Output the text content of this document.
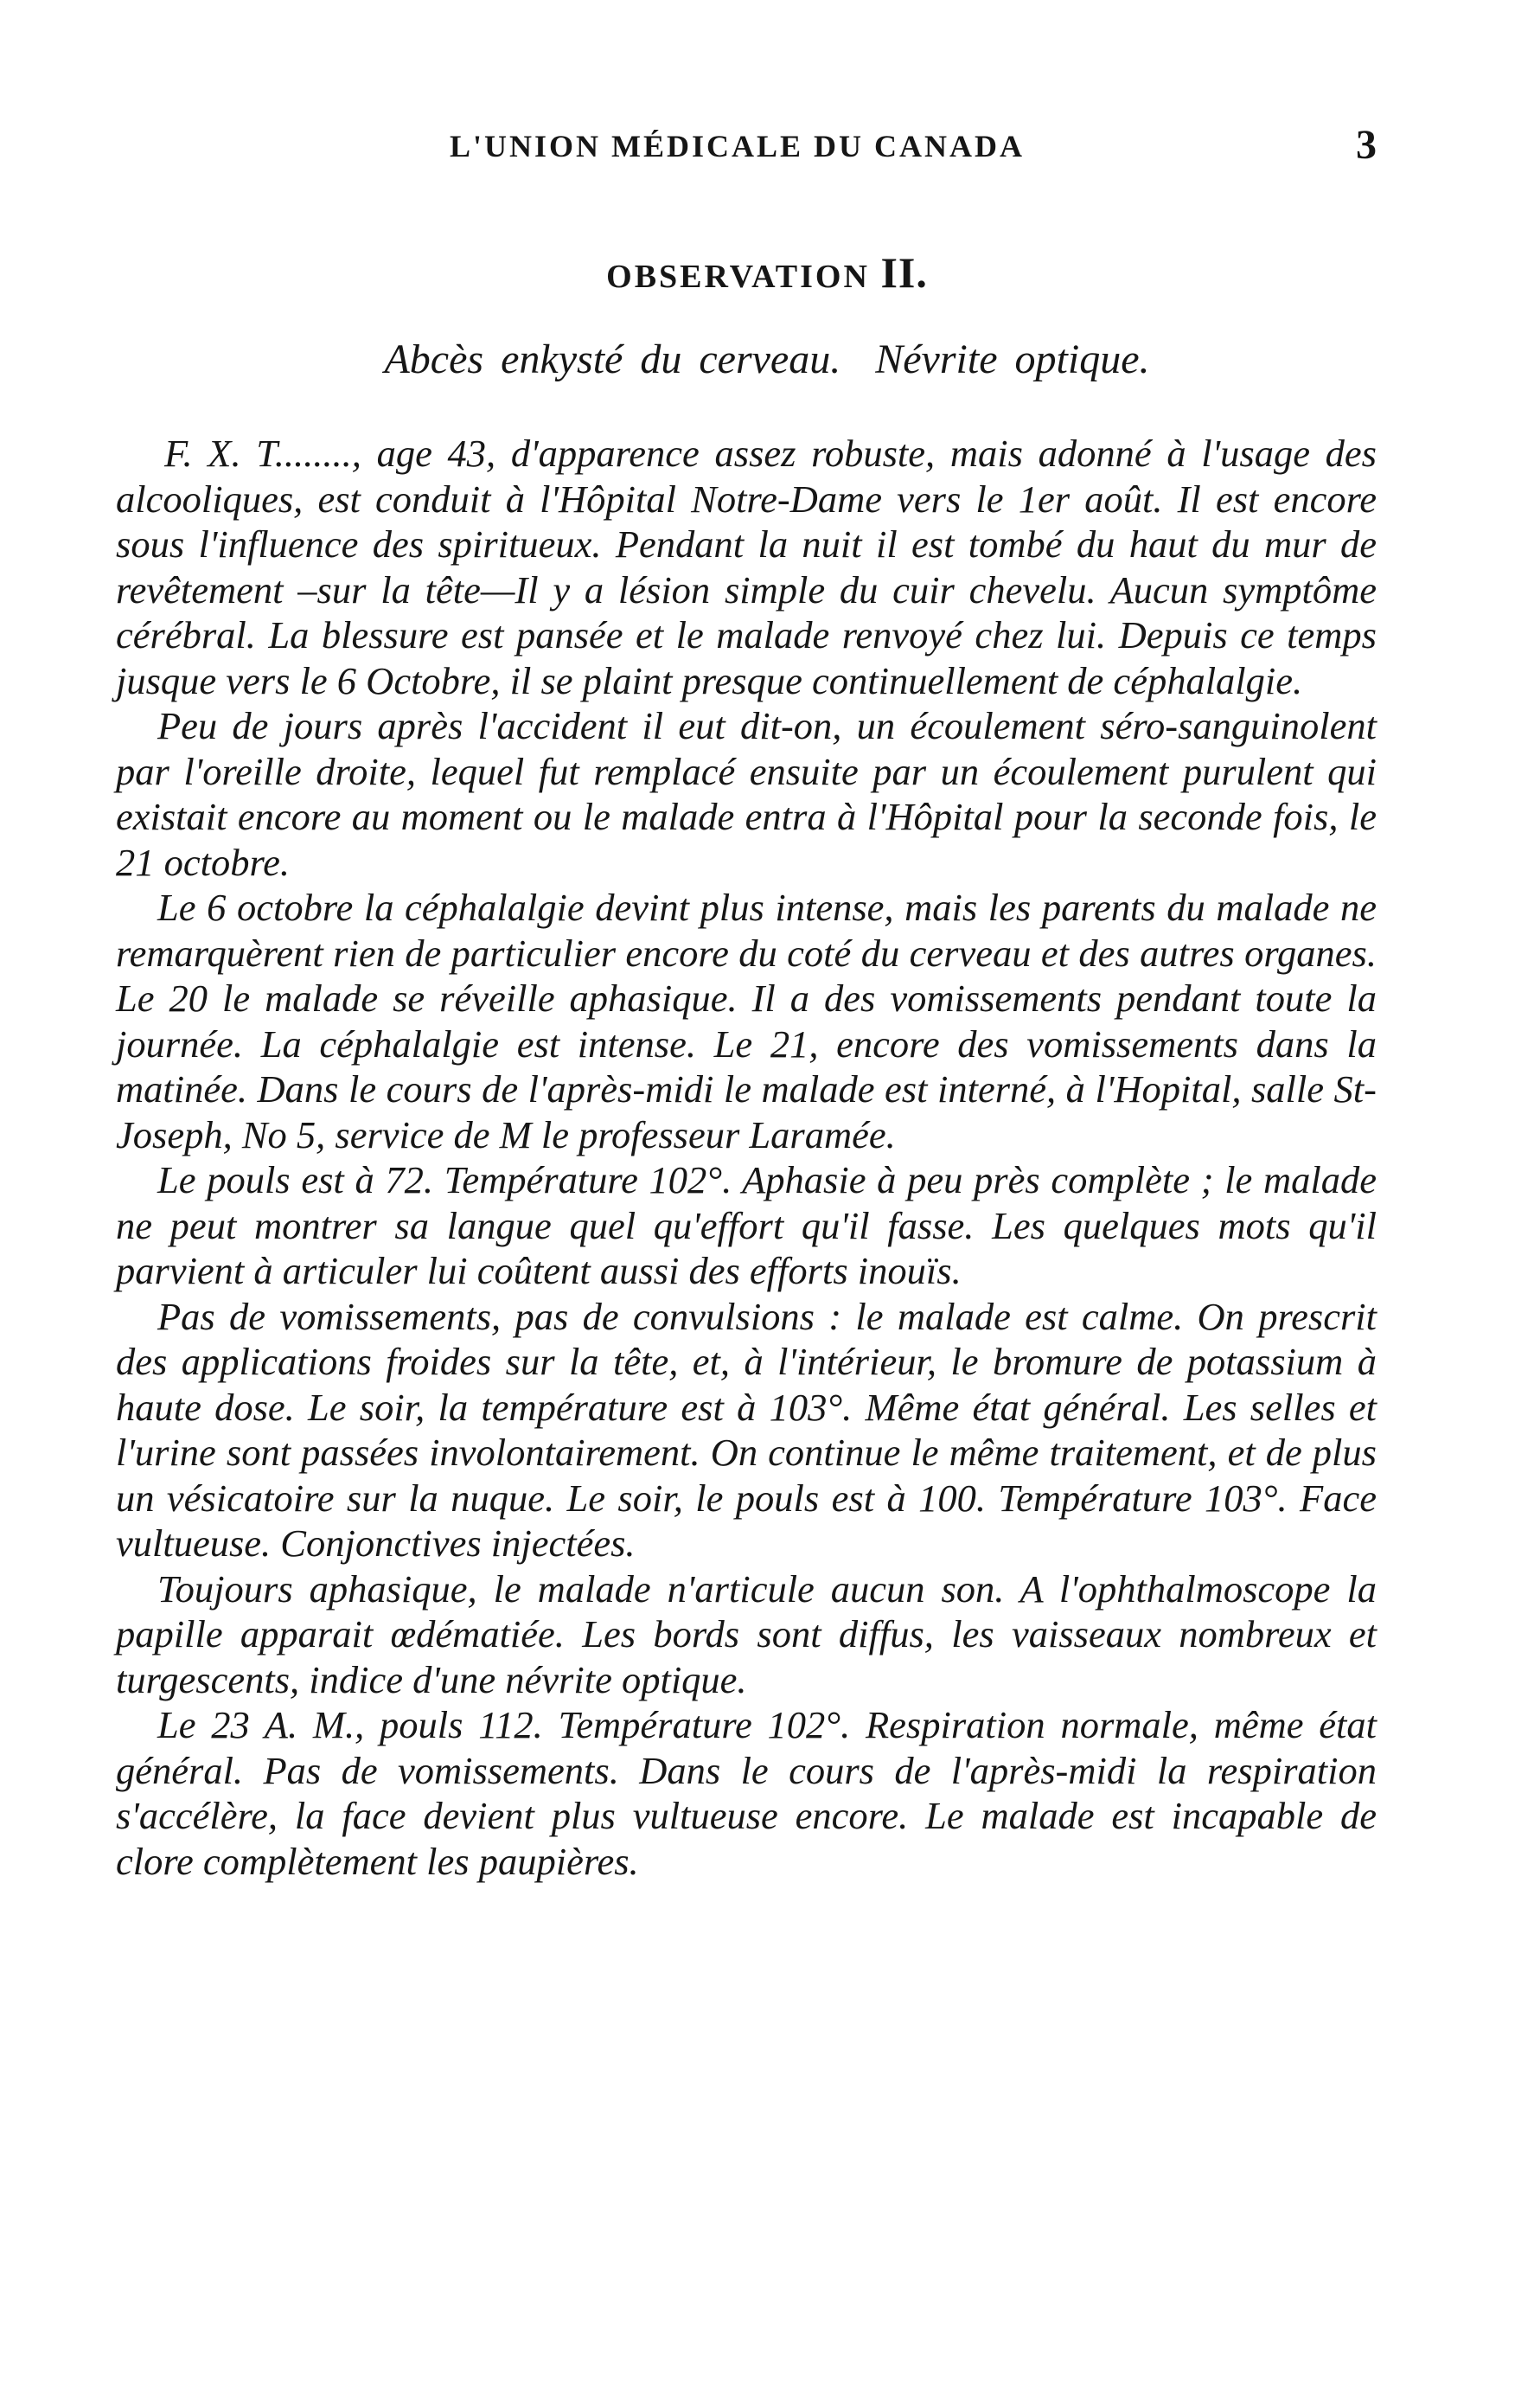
L'UNION MÉDICALE DU CANADA	3
OBSERVATION II.
Abcès enkysté du cerveau. Névrite optique.

F. X. T........, age 43, d'apparence assez robuste, mais adonné à l'usage des alcooliques, est conduit à l'Hôpital Notre-Dame vers le 1er août. Il est encore sous l'influence des spiritueux. Pendant la nuit il est tombé du haut du mur de revêtement –sur la tête—Il y a lésion simple du cuir chevelu. Aucun symptôme cérébral. La blessure est pansée et le malade renvoyé chez lui. Depuis ce temps jusque vers le 6 Octobre, il se plaint presque continuellement de céphalalgie.

Peu de jours après l'accident il eut dit-on, un écoulement séro-sanguinolent par l'oreille droite, lequel fut remplacé ensuite par un écoulement purulent qui existait encore au moment ou le malade entra à l'Hôpital pour la seconde fois, le 21 octobre.

Le 6 octobre la céphalalgie devint plus intense, mais les parents du malade ne remarquèrent rien de particulier encore du coté du cerveau et des autres organes. Le 20 le malade se réveille aphasique. Il a des vomissements pendant toute la journée. La céphalalgie est intense. Le 21, encore des vomissements dans la matinée. Dans le cours de l'après-midi le malade est interné, à l'Hopital, salle St-Joseph, No 5, service de M le professeur Laramée.

Le pouls est à 72. Température 102°. Aphasie à peu près complète ; le malade ne peut montrer sa langue quel qu'effort qu'il fasse. Les quelques mots qu'il parvient à articuler lui coûtent aussi des efforts inouïs.

Pas de vomissements, pas de convulsions : le malade est calme. On prescrit des applications froides sur la tête, et, à l'intérieur, le bromure de potassium à haute dose. Le soir, la température est à 103°. Même état général. Les selles et l'urine sont passées involontairement. On continue le même traitement, et de plus un vésicatoire sur la nuque. Le soir, le pouls est à 100. Température 103°. Face vultueuse. Conjonctives injectées.

Toujours aphasique, le malade n'articule aucun son. A l'ophthalmoscope la papille apparait œdématiée. Les bords sont diffus, les vaisseaux nombreux et turgescents, indice d'une névrite optique.

Le 23 A. M., pouls 112. Température 102°. Respiration normale, même état général. Pas de vomissements. Dans le cours de l'après-midi la respiration s'accélère, la face devient plus vultueuse encore. Le malade est incapable de clore complètement les paupières.
